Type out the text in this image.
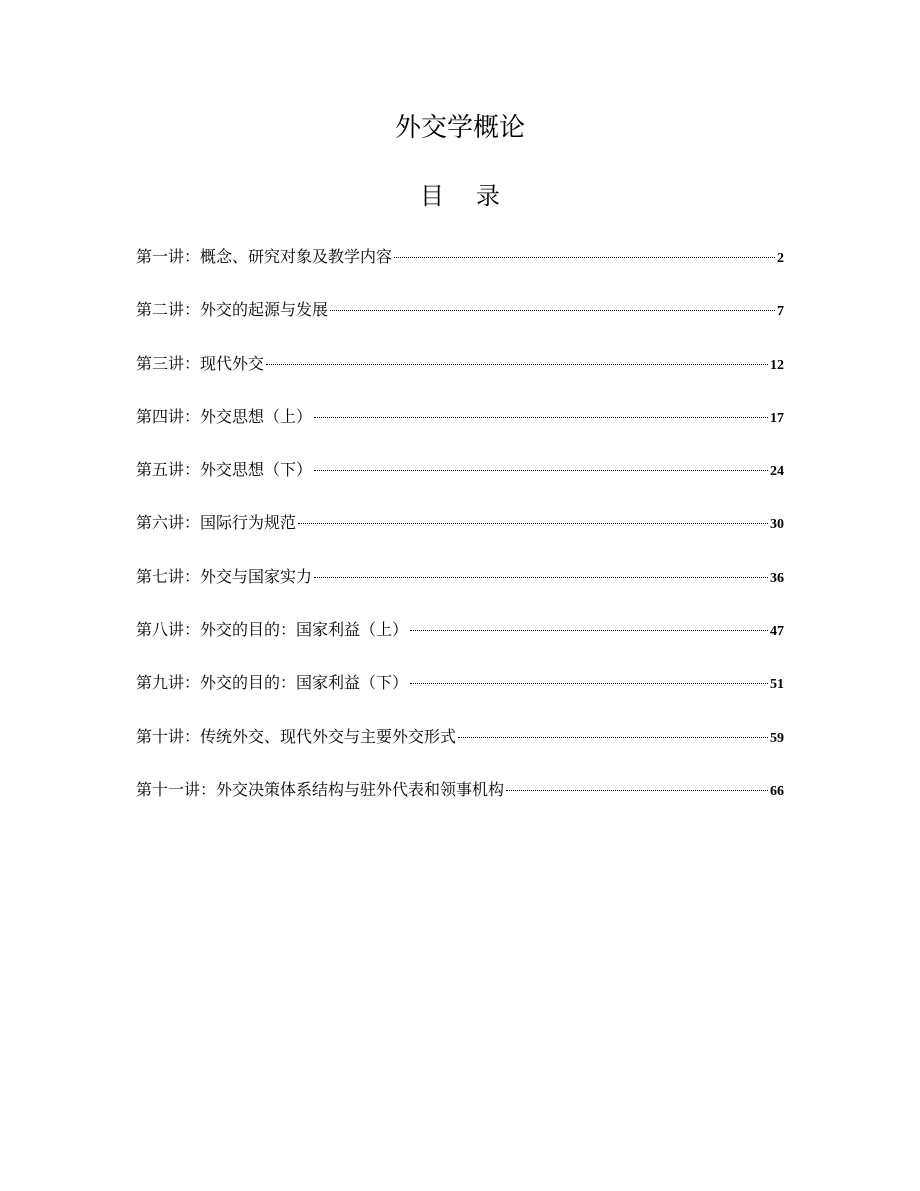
外交学概论
目 录
第一讲：概念、研究对象及教学内容	2
第二讲：外交的起源与发展	7
第三讲：现代外交	12
第四讲：外交思想（上）	17
第五讲：外交思想（下）	24
第六讲：国际行为规范	30
第七讲：外交与国家实力	36
第八讲：外交的目的：国家利益（上）	47
第九讲：外交的目的：国家利益（下）	51
第十讲：传统外交、现代外交与主要外交形式	59
第十一讲：外交决策体系结构与驻外代表和领事机构	66
